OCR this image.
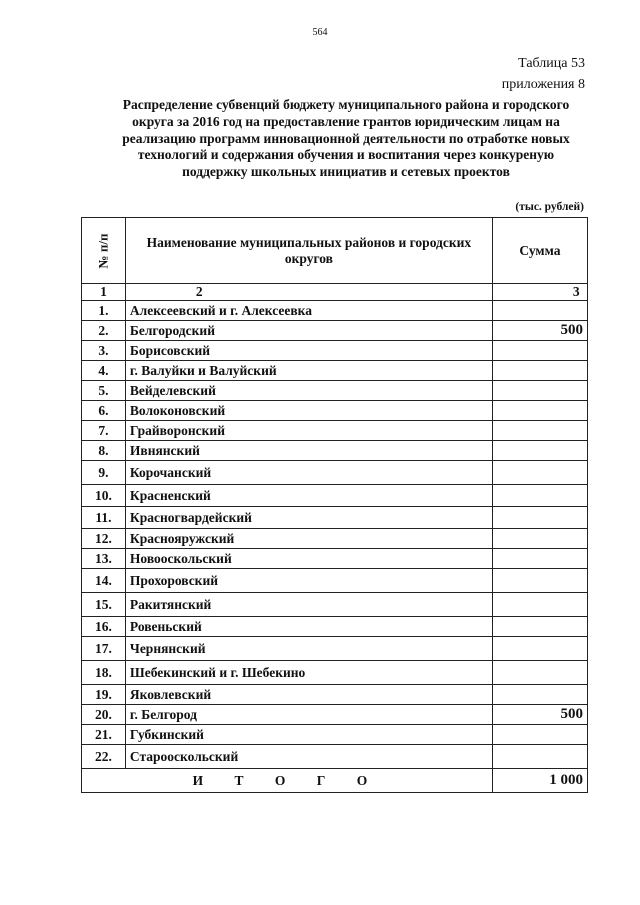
564
Таблица 53
приложения 8
Распределение субвенций бюджету муниципального района и городского округа за 2016 год на предоставление грантов юридическим лицам на реализацию программ инновационной деятельности по отработке новых технологий и содержания обучения и воспитания через конкуреную поддержку школьных инициатив и сетевых проектов
(тыс. рублей)
№ п/п	Наименование муниципальных районов и городских округов	Сумма
1	2	3
1.	Алексеевский и г. Алексеевка	
2.	Белгородский	500
3.	Борисовский	
4.	г. Валуйки и Валуйский	
5.	Вейделевский	
6.	Волоконовский	
7.	Грайворонский	
8.	Ивнянский	
9.	Корочанский	
10.	Красненский	
11.	Красногвардейский	
12.	Краснояружский	
13.	Новооскольский	
14.	Прохоровский	
15.	Ракитянский	
16.	Ровеньский	
17.	Чернянский	
18.	Шебекинский и г. Шебекино	
19.	Яковлевский	
20.	г. Белгород	500
21.	Губкинский	
22.	Старооскольский	
И Т О Г О		1 000
